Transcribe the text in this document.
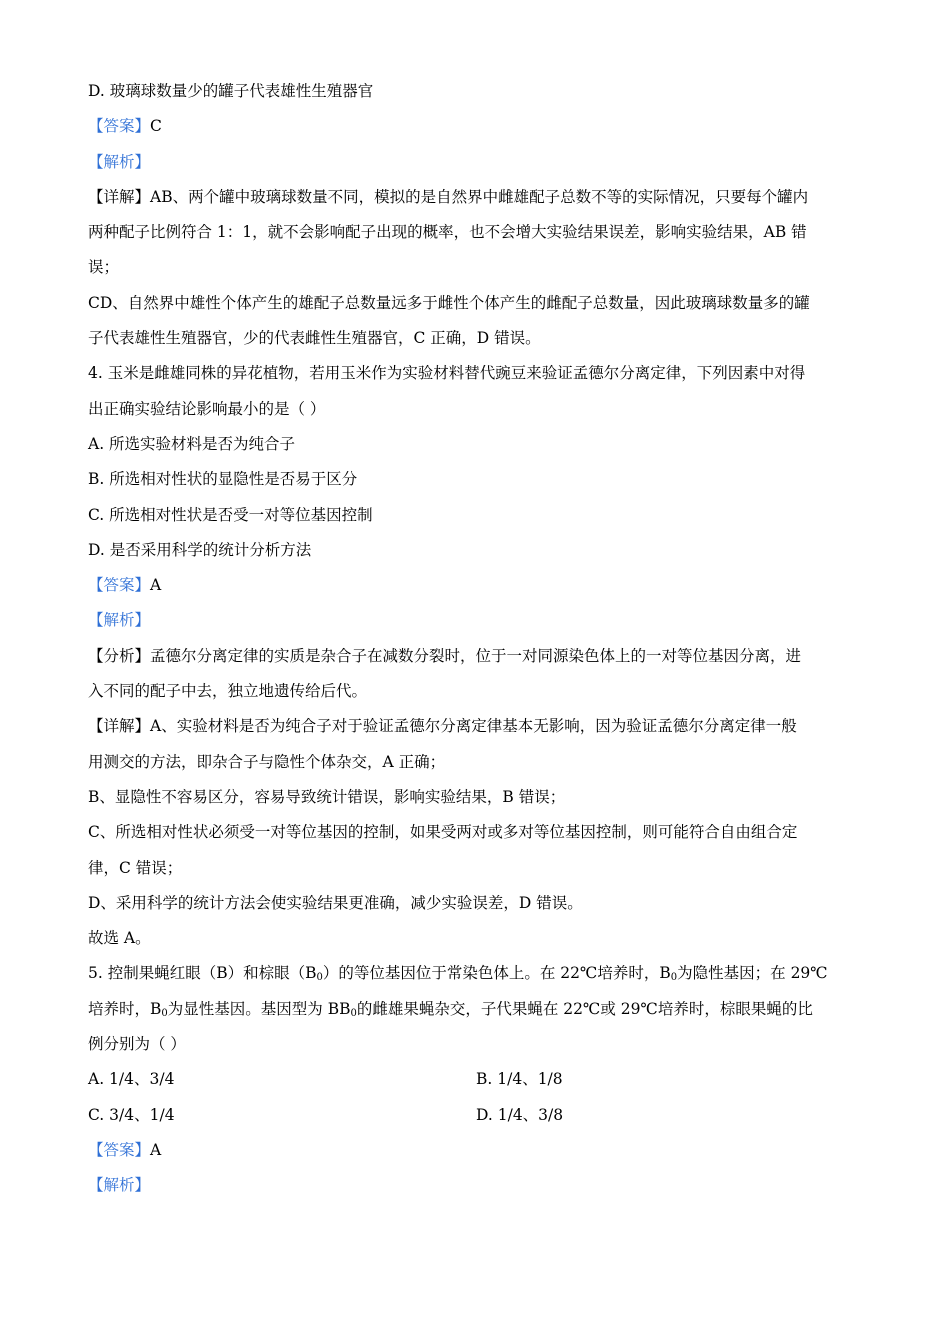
D. 玻璃球数量少的罐子代表雄性生殖器官
【答案】C
【解析】
【详解】AB、两个罐中玻璃球数量不同，模拟的是自然界中雌雄配子总数不等的实际情况，只要每个罐内
两种配子比例符合 1：1，就不会影响配子出现的概率，也不会增大实验结果误差，影响实验结果，AB 错
误；
CD、自然界中雄性个体产生的雄配子总数量远多于雌性个体产生的雌配子总数量，因此玻璃球数量多的罐
子代表雄性生殖器官，少的代表雌性生殖器官，C 正确，D 错误。
4. 玉米是雌雄同株的异花植物，若用玉米作为实验材料替代豌豆来验证孟德尔分离定律，下列因素中对得
出正确实验结论影响最小的是（ ）
A. 所选实验材料是否为纯合子
B. 所选相对性状的显隐性是否易于区分
C. 所选相对性状是否受一对等位基因控制
D. 是否采用科学的统计分析方法
【答案】A
【解析】
【分析】孟德尔分离定律的实质是杂合子在减数分裂时，位于一对同源染色体上的一对等位基因分离，进
入不同的配子中去，独立地遗传给后代。
【详解】A、实验材料是否为纯合子对于验证孟德尔分离定律基本无影响，因为验证孟德尔分离定律一般
用测交的方法，即杂合子与隐性个体杂交，A 正确；
B、显隐性不容易区分，容易导致统计错误，影响实验结果，B 错误；
C、所选相对性状必须受一对等位基因的控制，如果受两对或多对等位基因控制，则可能符合自由组合定
律，C 错误；
D、采用科学的统计方法会使实验结果更准确，减少实验误差，D 错误。
故选 A。
5. 控制果蝇红眼（B）和棕眼$(B_0)$的等位基因位于常染色体上。在 22℃培养时，$B_0$为隐性基因；在 29℃
培养时，$B_0$为显性基因。基因型为 $BB_0$的雌雄果蝇杂交，子代果蝇在 22℃或 29℃培养时，棕眼果蝇的比
例分别为（ ）
A. 1/4、3/4	B. 1/4、1/8
C. 3/4、1/4	D. 1/4、3/8
【答案】A
【解析】
